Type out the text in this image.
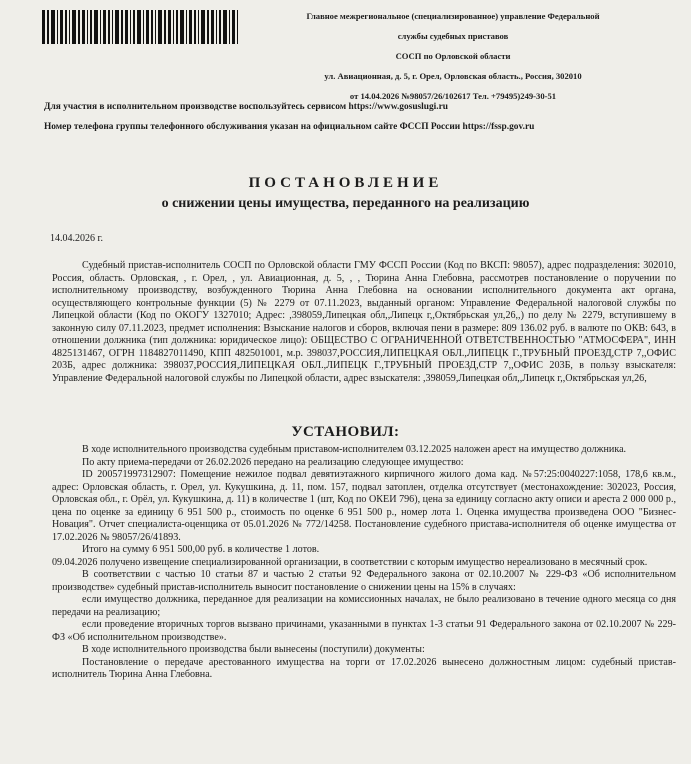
Главное межрегиональное (специализированное) управление Федеральной
службы судебных приставов
СОСП по Орловской области
ул. Авиационная, д. 5, г. Орел, Орловская область., Россия, 302010
от 14.04.2026 №98057/26/102617 Тел. +79495)249-30-51
Для участия в исполнительном производстве воспользуйтесь сервисом https://www.gosuslugi.ru
Номер телефона группы телефонного обслуживания указан на официальном сайте ФССП России https://fssp.gov.ru
ПОСТАНОВЛЕНИЕ
о снижении цены имущества, переданного на реализацию
14.04.2026 г.

Судебный пристав-исполнитель СОСП по Орловской области ГМУ ФССП России (Код по ВКСП: 98057), адрес подразделения: 302010, Россия, область. Орловская, , г. Орел, , ул. Авиационная, д. 5, , , Тюрина Анна Глебовна, рассмотрев постановление о поручении по исполнительному производству, возбужденного Тюрина Анна Глебовна на основании исполнительного документа акт органа, осуществляющего контрольные функции (5) № 2279 от 07.11.2023, выданный органом: Управление Федеральной налоговой службы по Липецкой области (Код по ОКОГУ 1327010; Адрес: ,398059,Липецкая обл,,Липецк г,,Октябрьская ул,26,,) по делу № 2279, вступившему в законную силу 07.11.2023, предмет исполнения: Взыскание налогов и сборов, включая пени в размере: 809 136.02 руб. в валюте по ОКВ: 643, в отношении должника (тип должника: юридическое лицо): ОБЩЕСТВО С ОГРАНИЧЕННОЙ ОТВЕТСТВЕННОСТЬЮ "АТМОСФЕРА", ИНН 4825131467, ОГРН 1184827011490, КПП 482501001, м.р. 398037,РОССИЯ,ЛИПЕЦКАЯ ОБЛ.,ЛИПЕЦК Г.,ТРУБНЫЙ ПРОЕЗД,СТР 7,,ОФИС 203Б, адрес должника: 398037,РОССИЯ,ЛИПЕЦКАЯ ОБЛ.,ЛИПЕЦК Г.,ТРУБНЫЙ ПРОЕЗД,СТР 7,,ОФИС 203Б, в пользу взыскателя: Управление Федеральной налоговой службы по Липецкой области, адрес взыскателя: ,398059,Липецкая обл,,Липецк г,,Октябрьская ул,26,

УСТАНОВИЛ:

В ходе исполнительного производства судебным приставом-исполнителем 03.12.2025 наложен арест на имущество должника.

По акту приема-передачи от 26.02.2026 передано на реализацию следующее имущество:

ID 200571997312907: Помещение нежилое подвал девятиэтажного кирпичного жилого дома кад. №57:25:0040227:1058, 178,6 кв.м., адрес: Орловская область, г. Орел, ул. Кукушкина, д. 11, пом. 157, подвал затоплен, отделка отсутствует (местонахождение: 302023, Россия, Орловская обл., г. Орёл, ул. Кукушкина, д. 11) в количестве 1 (шт, Код по ОКЕИ 796), цена за единицу согласно акту описи и ареста 2 000 000 р., цена по оценке за единицу 6 951 500 р., стоимость по оценке 6 951 500 р., номер лота 1. Оценка имущества произведена ООО "Бизнес-Новация". Отчет специалиста-оценщика от 05.01.2026 № 772/14258. Постановление судебного пристава-исполнителя об оценке имущества от 17.02.2026 № 98057/26/41893.

Итого на сумму 6 951 500,00 руб. в количестве 1 лотов.

09.04.2026 получено извещение специализированной организации, в соответствии с которым имущество нереализовано в месячный срок.

В соответствии с частью 10 статьи 87 и частью 2 статьи 92 Федерального закона от 02.10.2007 № 229-ФЗ «Об исполнительном производстве» судебный пристав-исполнитель выносит постановление о снижении цены на 15% в случаях:

если имущество должника, переданное для реализации на комиссионных началах, не было реализовано в течение одного месяца со дня передачи на реализацию;

если проведение вторичных торгов вызвано причинами, указанными в пунктах 1-3 статьи 91 Федерального закона от 02.10.2007 № 229-ФЗ «Об исполнительном производстве».

В ходе исполнительного производства были вынесены (поступили) документы:

Постановление о передаче арестованного имущества на торги от 17.02.2026 вынесено должностным лицом: судебный пристав-исполнитель Тюрина Анна Глебовна.
